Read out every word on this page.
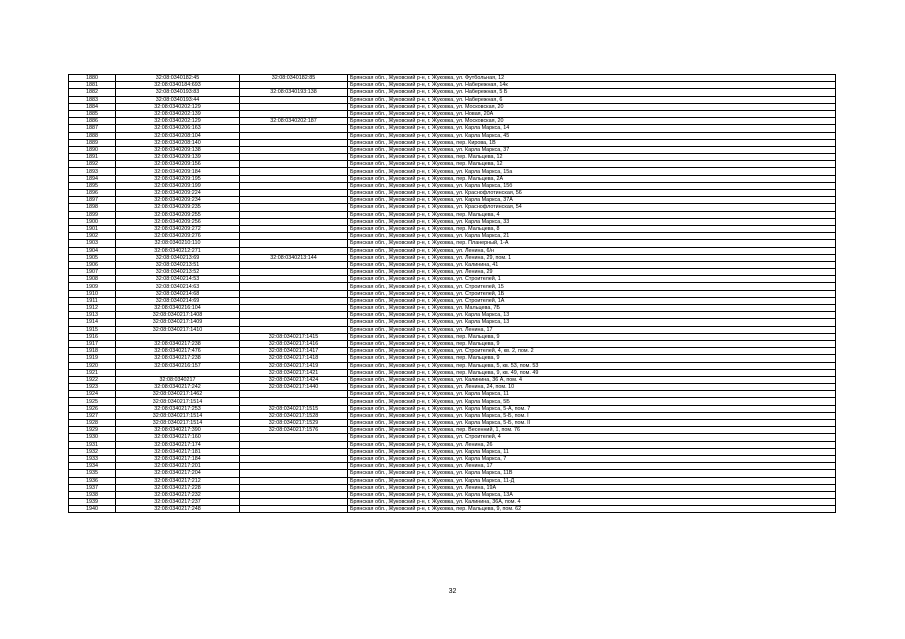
1880	32:08:0340182:45	32:08:0340182:85	Брянская обл., Жуковский р-н, г. Жуковка, ул. Футбольная, 12
1881	32:08:0340184:693		Брянская обл., Жуковский р-н, г. Жуковка, ул. Набережная, 14к
1882	32:08:0340193:83	32:08:0340193:138	Брянская обл., Жуковский р-н, г. Жуковка, ул. Набережная, 5 Б
1883	32:08:0340193:44		Брянская обл., Жуковский р-н, г. Жуковка, ул. Набережная, 6
1884	32:08:0340202:129		Брянская обл., Жуковский р-н, г. Жуковка, ул. Московская, 20
1885	32:08:0340202:139		Брянская обл., Жуковский р-н, г. Жуковка, ул. Новая, 20А
1886	32:08:0340202:129	32:08:0340202:187	Брянская обл., Жуковский р-н, г. Жуковка, ул. Московская, 20
1887	32:08:0340206:163		Брянская обл., Жуковский р-н, г. Жуковка, ул. Карла Маркса, 14
1888	32:08:0340208:104		Брянская обл., Жуковский р-н, г. Жуковка, ул. Карла Маркса, 45
1889	32:08:0340208:140		Брянская обл., Жуковский р-н, г. Жуковка, пер. Кирова, 1В
1890	32:08:0340209:138		Брянская обл., Жуковский р-н, г. Жуковка, ул. Карла Маркса, 37
1891	32:08:0340209:139		Брянская обл., Жуковский р-н, г. Жуковка, пер. Мальцева, 12
1892	32:08:0340209:156		Брянская обл., Жуковский р-н, г. Жуковка, пер. Мальцева, 12
1893	32:08:0340209:184		Брянская обл., Жуковский р-н, г. Жуковка, ул. Карла Маркса, 15а
1894	32:08:0340209:195		Брянская обл., Жуковский р-н, г. Жуковка, пер. Мальцева, 2А
1895	32:08:0340209:199		Брянская обл., Жуковский р-н, г. Жуковка, ул. Карла Маркса, 15б
1896	32:08:0340209:224		Брянская обл., Жуковский р-н, г. Жуковка, ул. Краснофлотинская, 56
1897	32:08:0340209:234		Брянская обл., Жуковский р-н, г. Жуковка, ул. Карла Маркса, 37А
1898	32:08:0340209:235		Брянская обл., Жуковский р-н, г. Жуковка, ул. Краснофлотинская, 54
1899	32:08:0340209:255		Брянская обл., Жуковский р-н, г. Жуковка, пер. Мальцева, 4
1900	32:08:0340209:256		Брянская обл., Жуковский р-н, г. Жуковка, ул. Карла Маркса, 33
1901	32:08:0340209:272		Брянская обл., Жуковский р-н, г. Жуковка, пер. Мальцева, 8
1902	32:08:0340209:276		Брянская обл., Жуковский р-н, г. Жуковка, ул. Карла Маркса, 21
1903	32:08:0340210:110		Брянская обл., Жуковский р-н, г. Жуковка, пер. Планерный, 1-А
1904	32:08:0340212:271		Брянская обл., Жуковский р-н, г. Жуковка, ул. Ленина, 6/н
1905	32:08:0340213:69	32:08:0340213:144	Брянская обл., Жуковский р-н, г. Жуковка, ул. Ленина, 29, пом. 1
1906	32:08:0340213:51		Брянская обл., Жуковский р-н, г. Жуковка, ул. Калинина, 41
1907	32:08:0340213:52		Брянская обл., Жуковский р-н, г. Жуковка, ул. Ленина, 29
1908	32:08:0340214:53		Брянская обл., Жуковский р-н, г. Жуковка, ул. Строителей, 1
1909	32:08:0340214:63		Брянская обл., Жуковский р-н, г. Жуковка, ул. Строителей, 15
1910	32:08:0340214:68		Брянская обл., Жуковский р-н, г. Жуковка, ул. Строителей, 1Б
1911	32:08:0340214:69		Брянская обл., Жуковский р-н, г. Жуковка, ул. Строителей, 1А
1912	32:08:0340216:104		Брянская обл., Жуковский р-н, г. Жуковка, ул. Мальцева, 7Б
1913	32:08:0340217:1408		Брянская обл., Жуковский р-н, г. Жуковка, ул. Карла Маркса, 13
1914	32:08:0340217:1409		Брянская обл., Жуковский р-н, г. Жуковка, ул. Карла Маркса, 13
1915	32:08:0340217:1410		Брянская обл., Жуковский р-н, г. Жуковка, ул. Ленина, 17
1916		32:08:0340217:1415	Брянская обл., Жуковский р-н, г. Жуковка, пер. Мальцева, 9
1917	32:08:0340217:238	32:08:0340217:1416	Брянская обл., Жуковский р-н, г. Жуковка, пер. Мальцева, 9
1918	32:08:0340217:476	32:08:0340217:1417	Брянская обл., Жуковский р-н, г. Жуковка, ул. Строителей, 4, кв. 2, пом. 2
1919	32:08:0340217:238	32:08:0340217:1418	Брянская обл., Жуковский р-н, г. Жуковка, пер. Мальцева, 9
1920	32:08:0340216:157	32:08:0340217:1419	Брянская обл., Жуковский р-н, г. Жуковка, пер. Мальцева, 5, кв. 53, пом. 53
1921		32:08:0340217:1421	Брянская обл., Жуковский р-н, г. Жуковка, пер. Мальцева, 9, кв. 49, пом. 49
1922	32:08:0340217	32:08:0340217:1424	Брянская обл., Жуковский р-н, г. Жуковка, ул. Калинина, 36 А, пом. 4
1923	32:08:0340217:242	32:08:0340217:1440	Брянская обл., Жуковский р-н, г. Жуковка, ул. Ленина, 24, пом. 10
1924	32:08:0340217:1462		Брянская обл., Жуковский р-н, г. Жуковка, ул. Карла Маркса, 11
1925	32:08:0340217:1514		Брянская обл., Жуковский р-н, г. Жуковка, ул. Карла Маркса, 5Б
1926	32:08:0340217:253	32:08:0340217:1515	Брянская обл., Жуковский р-н, г. Жуковка, ул. Карла Маркса, 5-А, пом. 7
1927	32:08:0340217:1514	32:08:0340217:1528	Брянская обл., Жуковский р-н, г. Жуковка, ул. Карла Маркса, 5-Б, пом. I
1928	32:08:0340217:1514	32:08:0340217:1529	Брянская обл., Жуковский р-н, г. Жуковка, ул. Карла Маркса, 5-Б, пом. II
1929	32:08:0340217:390	32:08:0340217:1576	Брянская обл., Жуковский р-н, г. Жуковка, пер. Весенний, 1, пом. 76
1930	32:08:0340217:160		Брянская обл., Жуковский р-н, г. Жуковка, ул. Строителей, 4
1931	32:08:0340217:174		Брянская обл., Жуковский р-н, г. Жуковка, ул. Ленина, 26
1932	32:08:0340217:181		Брянская обл., Жуковский р-н, г. Жуковка, ул. Карла Маркса, 11
1933	32:08:0340217:184		Брянская обл., Жуковский р-н, г. Жуковка, ул. Карла Маркса, 7
1934	32:08:0340217:201		Брянская обл., Жуковский р-н, г. Жуковка, ул. Ленина, 17
1935	32:08:0340217:204		Брянская обл., Жуковский р-н, г. Жуковка, ул. Карла Маркса, 11В
1936	32:08:0340217:212		Брянская обл., Жуковский р-н, г. Жуковка, ул. Карла Маркса, 11-Д
1937	32:08:0340217:228		Брянская обл., Жуковский р-н, г. Жуковка, ул. Ленина, 19А
1938	32:08:0340217:232		Брянская обл., Жуковский р-н, г. Жуковка, ул. Карла Маркса, 13А
1939	32:08:0340217:237		Брянская обл., Жуковский р-н, г. Жуковка, ул. Калинина, 36А, пом. 4
1940	32:08:0340217:248		Брянская обл., Жуковский р-н, г. Жуковка, пер. Мальцева, 9, пом. 62
32
